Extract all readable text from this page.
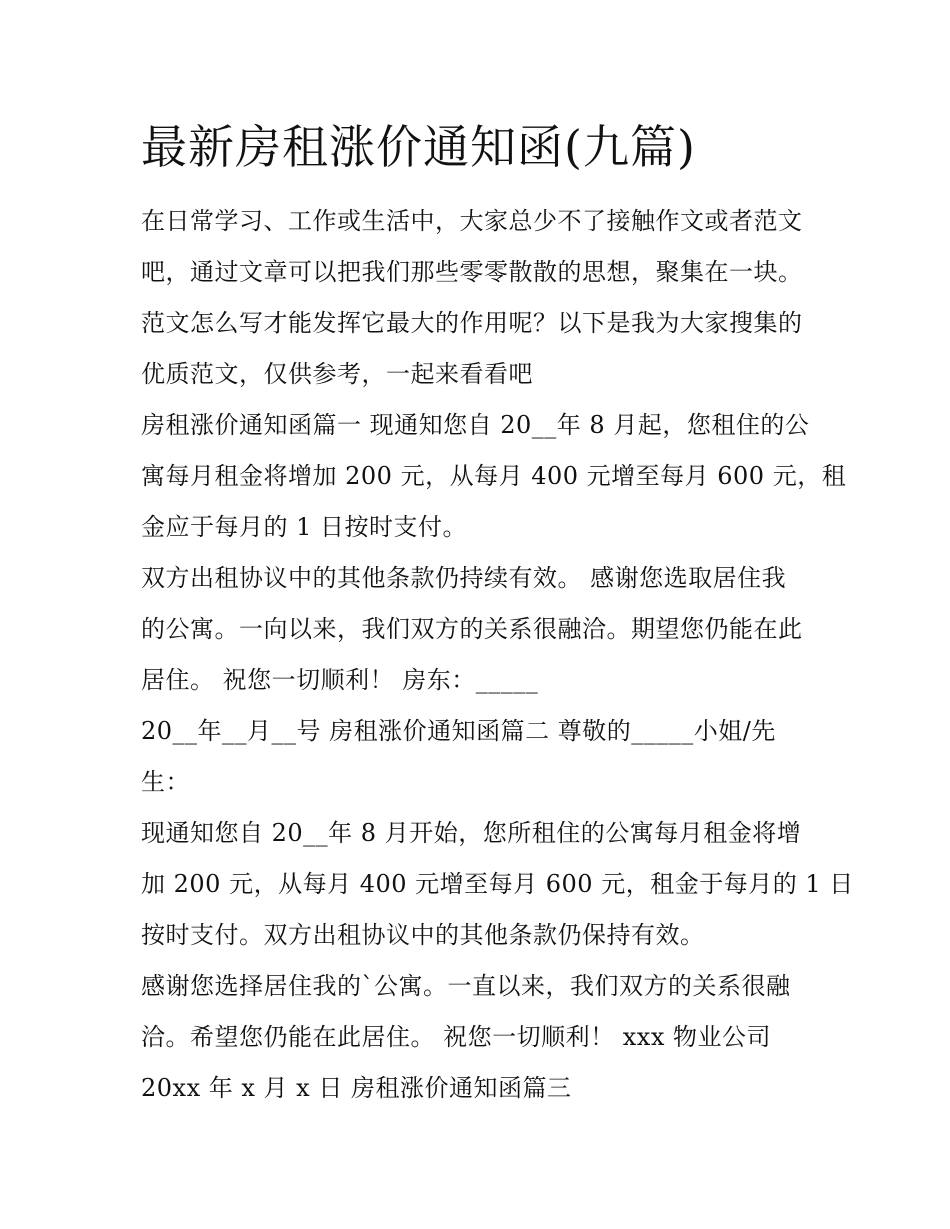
最新房租涨价通知函(九篇)

在日常学习、工作或生活中，大家总少不了接触作文或者范文
吧，通过文章可以把我们那些零零散散的思想，聚集在一块。
范文怎么写才能发挥它最大的作用呢？以下是我为大家搜集的
优质范文，仅供参考，一起来看看吧

房租涨价通知函篇一 现通知您自 20__年 8 月起，您租住的公
寓每月租金将增加 200 元，从每月 400 元增至每月 600 元，租
金应于每月的 1 日按时支付。

双方出租协议中的其他条款仍持续有效。 感谢您选取居住我
的公寓。一向以来，我们双方的关系很融洽。期望您仍能在此
居住。 祝您一切顺利！ 房东：_____

20__年__月__号 房租涨价通知函篇二 尊敬的_____小姐/先
生：

现通知您自 20__年 8 月开始，您所租住的公寓每月租金将增
加 200 元，从每月 400 元增至每月 600 元，租金于每月的 1 日
按时支付。双方出租协议中的其他条款仍保持有效。

感谢您选择居住我的`公寓。一直以来，我们双方的关系很融
洽。希望您仍能在此居住。 祝您一切顺利！ xxx 物业公司
20xx 年 x 月 x 日 房租涨价通知函篇三
